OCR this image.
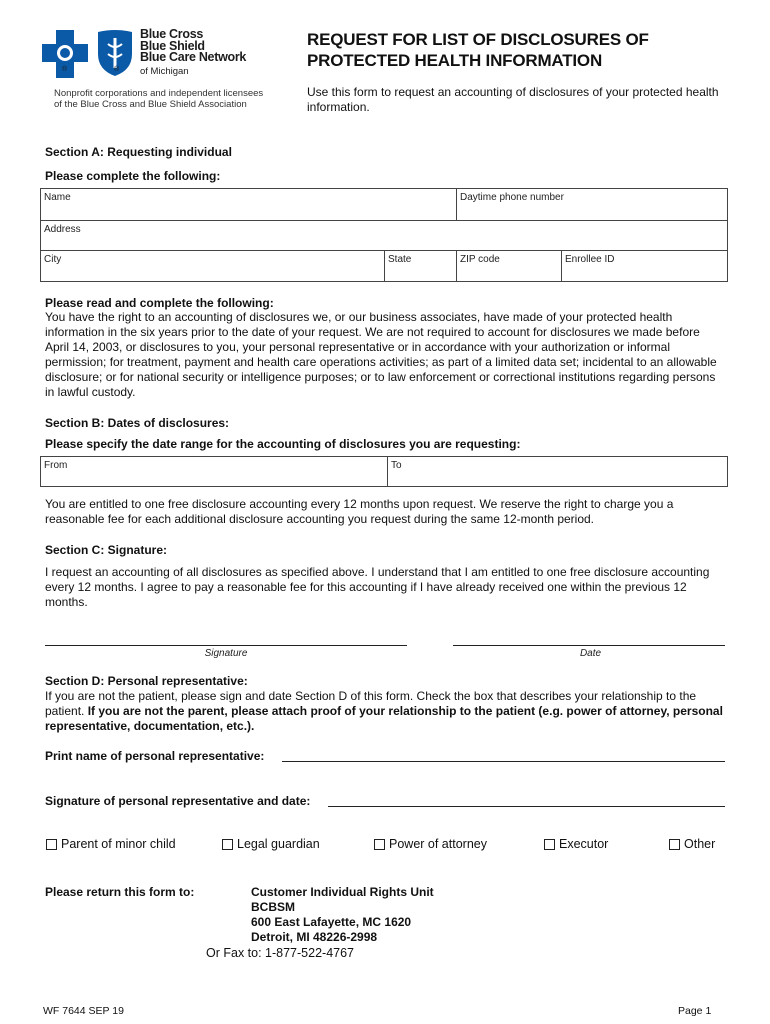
®	®
Blue Cross
Blue Shield
Blue Care Network
of Michigan
Nonprofit corporations and independent licensees
of the Blue Cross and Blue Shield Association
REQUEST FOR LIST OF DISCLOSURES OF
PROTECTED HEALTH INFORMATION
Use this form to request an accounting of disclosures of your protected health information.
Section A: Requesting individual
Please complete the following:
Name	Daytime phone number	
Address		

City State	ZIP code	Enrollee ID
Please read and complete the following:
You have the right to an accounting of disclosures we, or our business associates, have made of your protected health information in the six years prior to the date of your request. We are not required to account for disclosures we made before April 14, 2003, or disclosures to you, your personal representative or in accordance with your authorization or informal permission; for treatment, payment and health care operations activities; as part of a limited data set; incidental to an allowable disclosure; or for national security or intelligence purposes; or to law enforcement or correctional institutions regarding persons in lawful custody.
Section B: Dates of disclosures:
Please specify the date range for the accounting of disclosures you are requesting:
From	To
You are entitled to one free disclosure accounting every 12 months upon request. We reserve the right to charge you a reasonable fee for each additional disclosure accounting you request during the same 12-month period.
Section C: Signature:
I request an accounting of all disclosures as specified above. I understand that I am entitled to one free disclosure accounting every 12 months. I agree to pay a reasonable fee for this accounting if I have already received one within the previous 12 months.
Signature	Date
Section D: Personal representative:
If you are not the patient, please sign and date Section D of this form. Check the box that describes your relationship to the patient. If you are not the parent, please attach proof of your relationship to the patient (e.g. power of attorney, personal representative, documentation, etc.).
Print name of personal representative:
Signature of personal representative and date:
Parent of minor child	Legal guardian	Power of attorney	Executor	Other
Please return this form to:	Customer Individual Rights Unit
BCBSM
600 East Lafayette, MC 1620
Detroit, MI 48226-2998
Or Fax to: 1-877-522-4767
WF 7644 SEP 19	Page 1
